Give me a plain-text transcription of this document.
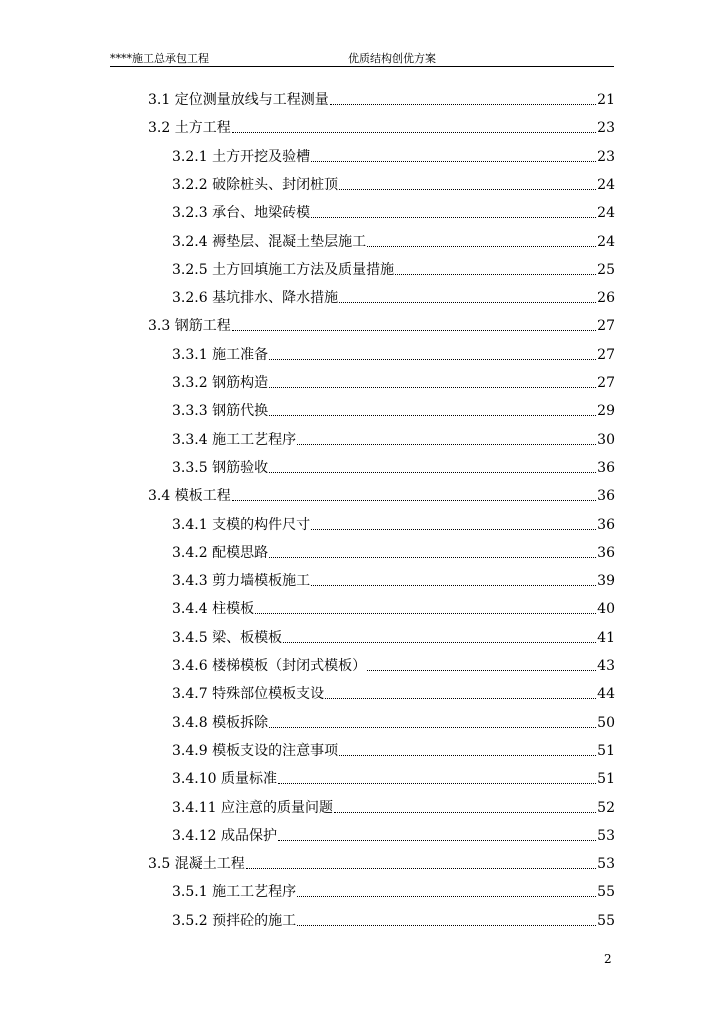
****施工总承包工程	优质结构创优方案
3.1 定位测量放线与工程测量	21
3.2 土方工程	23
3.2.1 土方开挖及验槽	23
3.2.2 破除桩头、封闭桩顶	24
3.2.3 承台、地梁砖模	24
3.2.4 褥垫层、混凝土垫层施工	24
3.2.5 土方回填施工方法及质量措施	25
3.2.6 基坑排水、降水措施	26
3.3 钢筋工程	27
3.3.1 施工准备	27
3.3.2 钢筋构造	27
3.3.3 钢筋代换	29
3.3.4 施工工艺程序	30
3.3.5 钢筋验收	36
3.4 模板工程	36
3.4.1 支模的构件尺寸	36
3.4.2 配模思路	36
3.4.3 剪力墙模板施工	39
3.4.4 柱模板	40
3.4.5 梁、板模板	41
3.4.6 楼梯模板（封闭式模板）	43
3.4.7 特殊部位模板支设	44
3.4.8 模板拆除	50
3.4.9 模板支设的注意事项	51
3.4.10 质量标准	51
3.4.11 应注意的质量问题	52
3.4.12 成品保护	53
3.5 混凝土工程	53
3.5.1 施工工艺程序	55
3.5.2 预拌砼的施工	55
2
